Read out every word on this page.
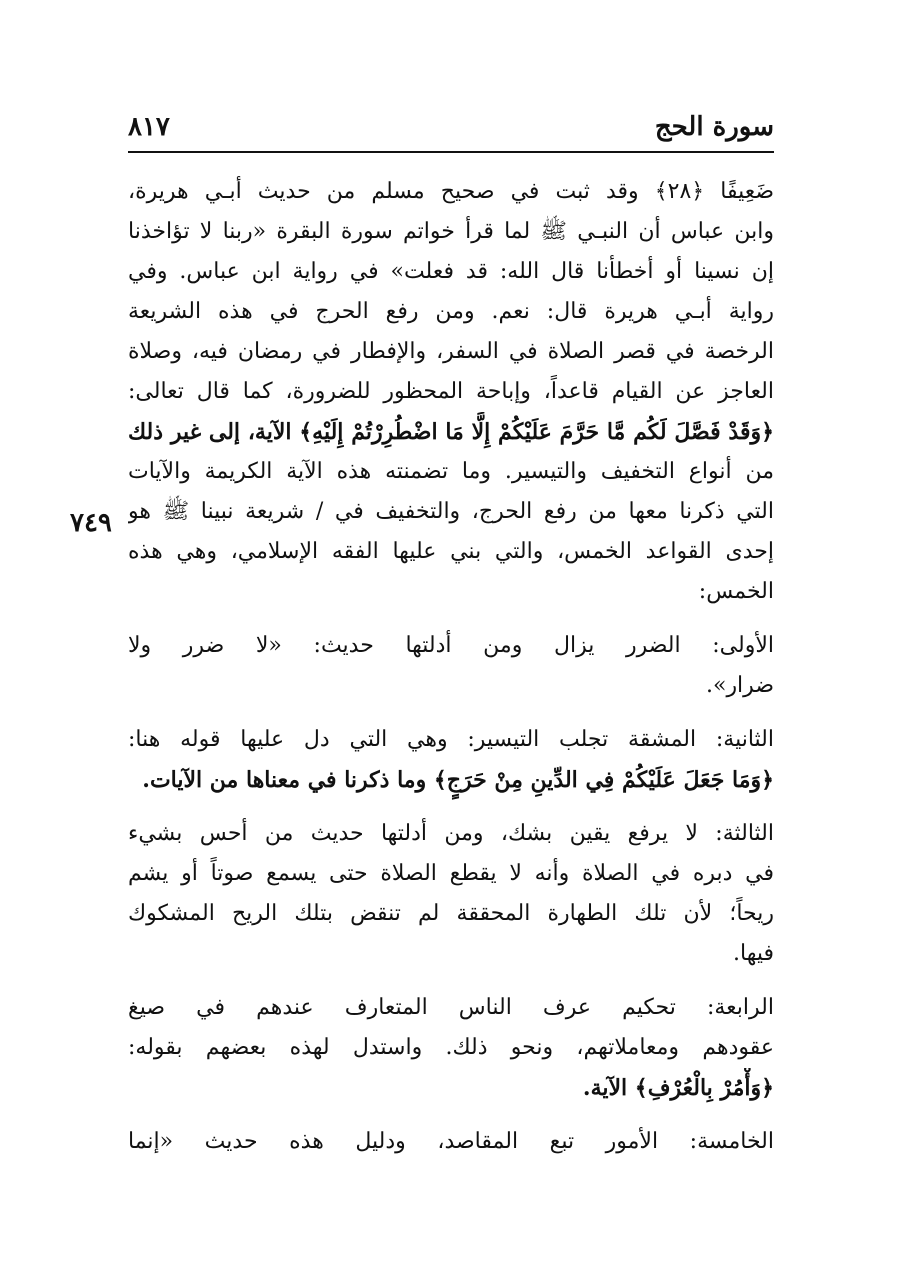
سورة الحج
٨١٧
٧٤٩
ضَعِيفًا ﴿٢٨﴾ وقد ثبت في صحيح مسلم من حديث أبـي هريرة،
وابن عباس أن النبـي ﷺ لما قرأ خواتم سورة البقرة «ربنا لا تؤاخذنا
إن نسينا أو أخطأنا قال الله: قد فعلت» في رواية ابن عباس. وفي
رواية أبـي هريرة قال: نعم. ومن رفع الحرج في هذه الشريعة
الرخصة في قصر الصلاة في السفر، والإفطار في رمضان فيه، وصلاة
العاجز عن القيام قاعداً، وإباحة المحظور للضرورة، كما قال تعالى:
﴿وَقَدْ فَصَّلَ لَكُم مَّا حَرَّمَ عَلَيْكُمْ إِلَّا مَا اضْطُرِرْتُمْ إِلَيْهِ﴾ الآية، إلى غير ذلك
من أنواع التخفيف والتيسير. وما تضمنته هذه الآية الكريمة والآيات
التي ذكرنا معها من رفع الحرج، والتخفيف في / شريعة نبينا ﷺ هو
إحدى القواعد الخمس، والتي بني عليها الفقه الإسلامي، وهي هذه
الخمس:
الأولى: الضرر يزال ومن أدلتها حديث: «لا ضرر ولا
ضرار».
الثانية: المشقة تجلب التيسير: وهي التي دل عليها قوله هنا:
﴿وَمَا جَعَلَ عَلَيْكُمْ فِي الدِّينِ مِنْ حَرَجٍ﴾ وما ذكرنا في معناها من الآيات.
الثالثة: لا يرفع يقين بشك، ومن أدلتها حديث من أحس بشيء
في دبره في الصلاة وأنه لا يقطع الصلاة حتى يسمع صوتاً أو يشم
ريحاً؛ لأن تلك الطهارة المحققة لم تنقض بتلك الريح المشكوك
فيها.
الرابعة: تحكيم عرف الناس المتعارف عندهم في صيغ
عقودهم ومعاملاتهم، ونحو ذلك. واستدل لهذه بعضهم بقوله:
﴿وَأْمُرْ بِالْعُرْفِ﴾ الآية.
الخامسة: الأمور تبع المقاصد، ودليل هذه حديث «إنما
